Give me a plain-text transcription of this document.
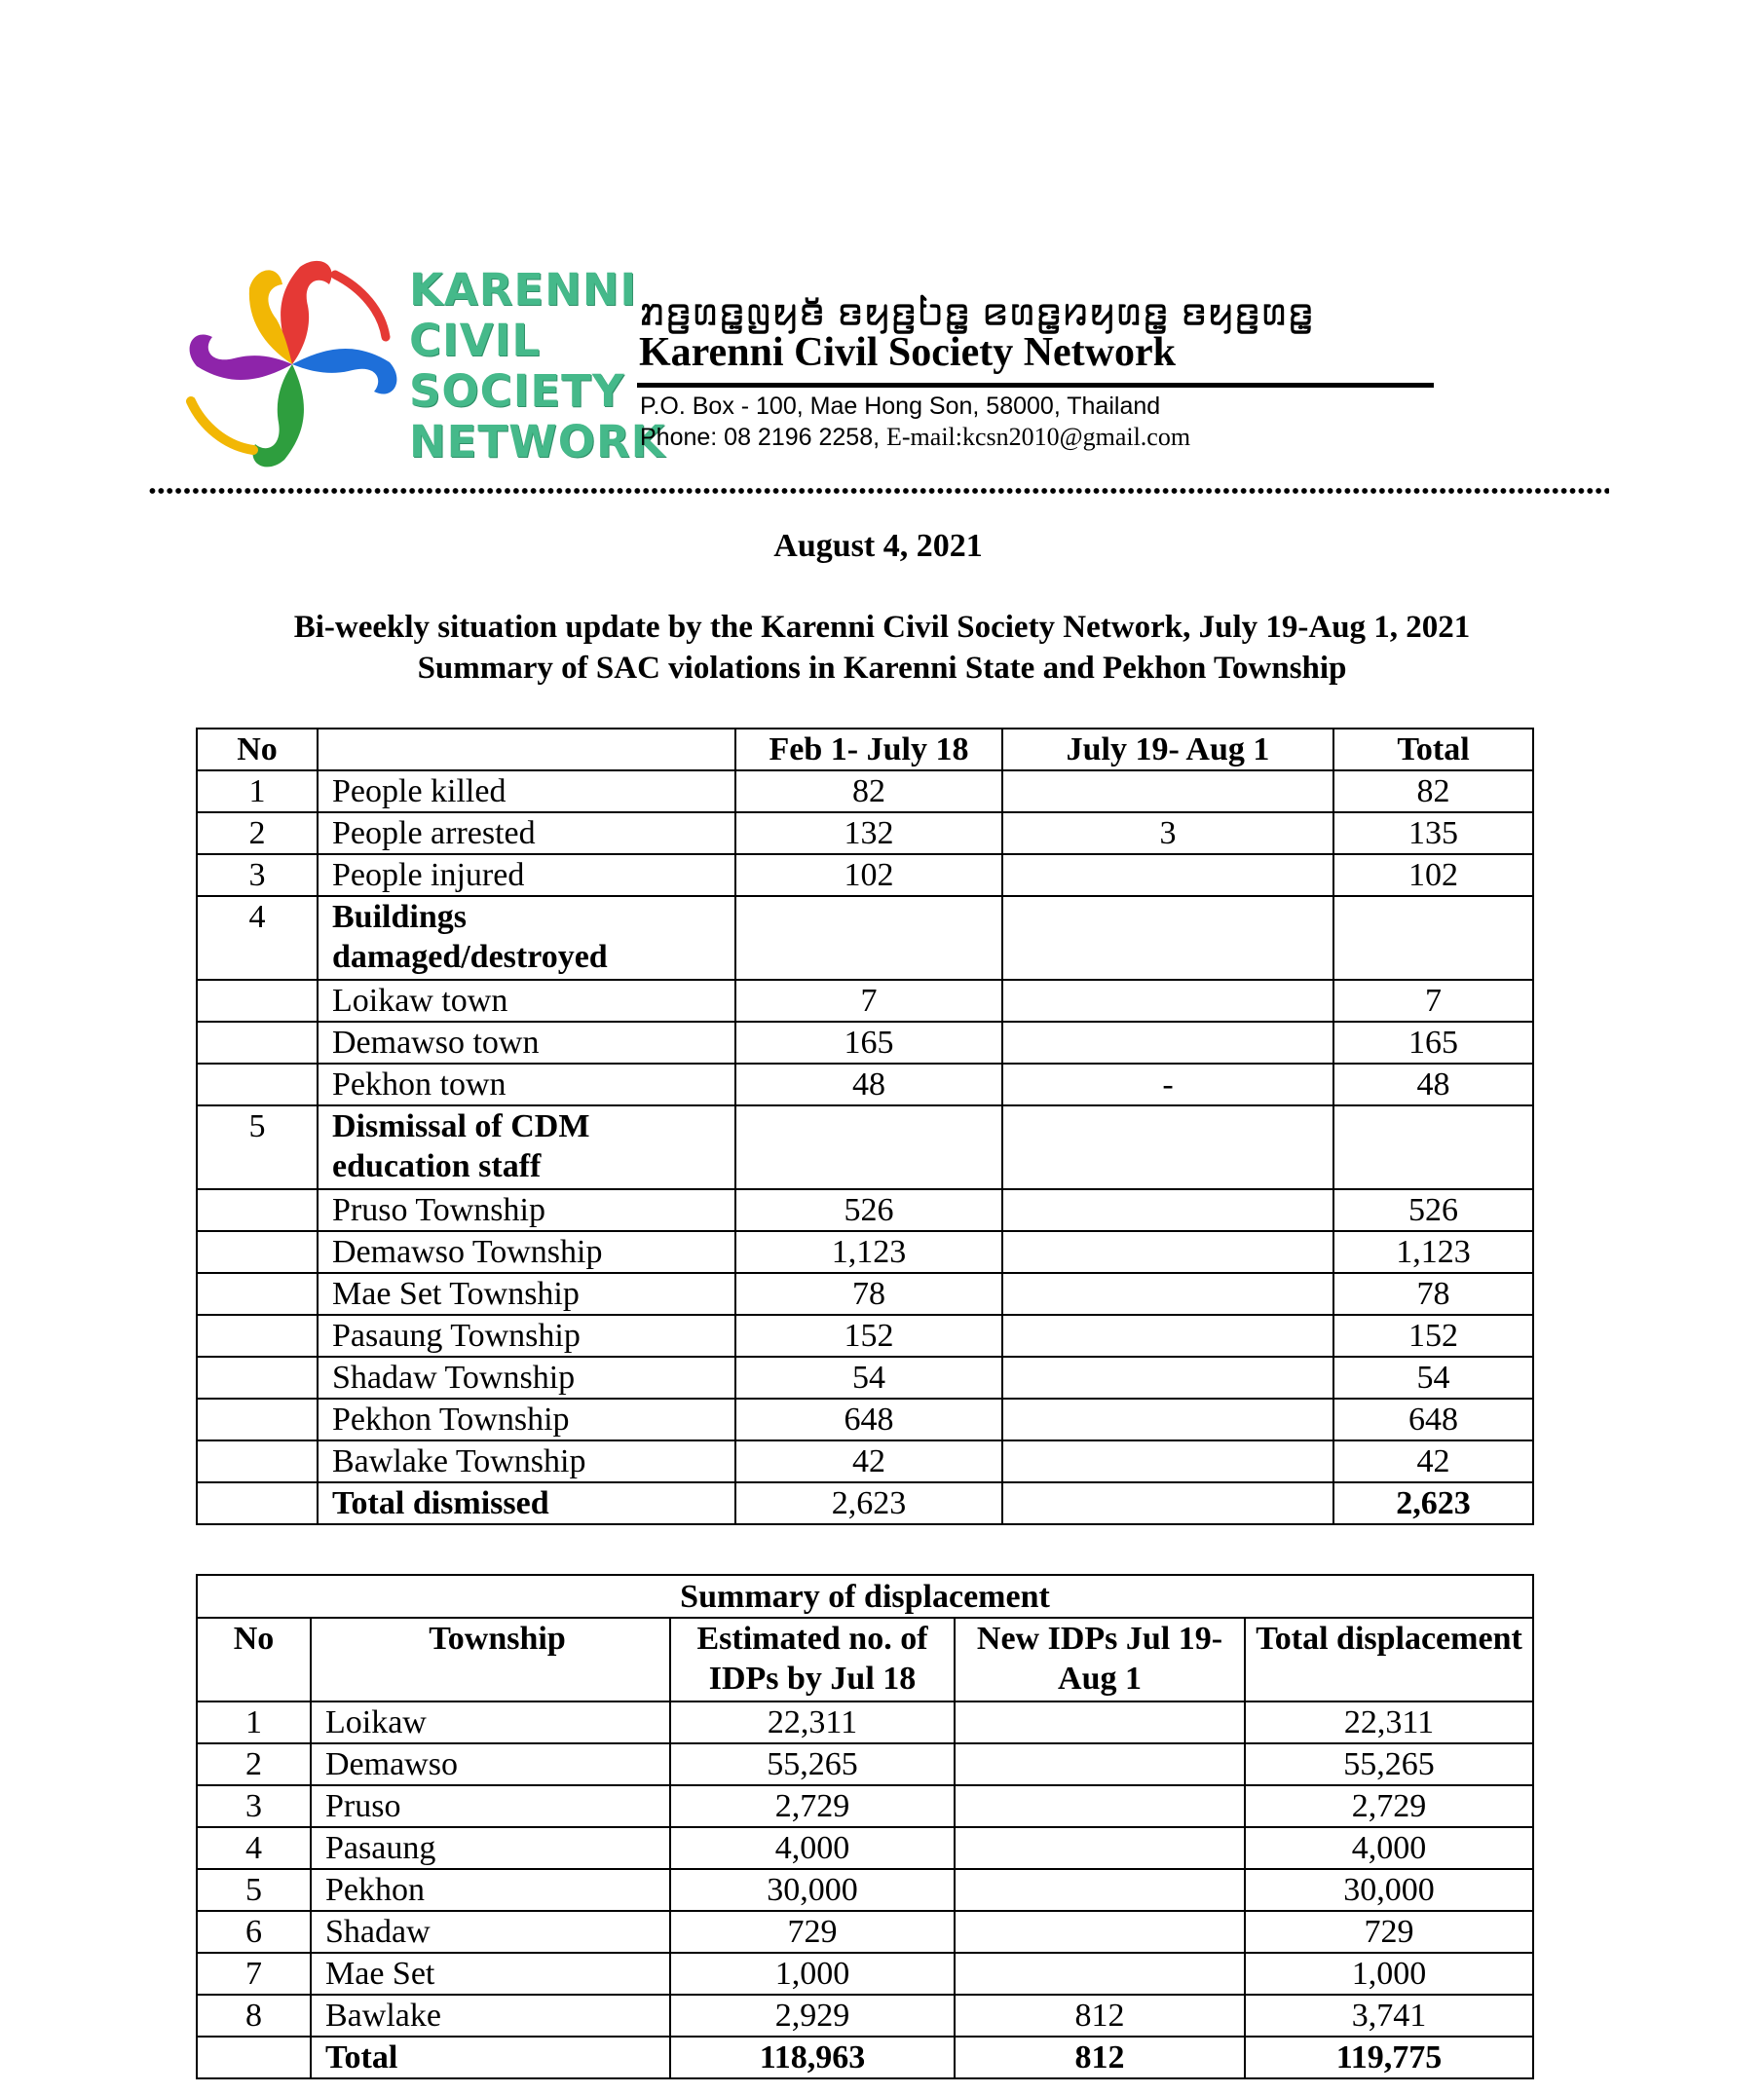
KARENNI
CIVIL
SOCIETY
NETWORK
ꤊꤢ꤬ꤛꤢ꤭ꤜꤟꤢꤩ ꤢꤟꤢ꤬ꤝꤢ꤭ ꤕꤛꤢ꤭ꤙꤟꤛꤢ꤭ ꤢꤟꤢ꤬ꤛꤢ꤭
Karenni Civil Society Network
P.O. Box - 100, Mae Hong Son, 58000, Thailand
Phone: 08 2196 2258, E-mail:kcsn2010@gmail.com
August 4, 2021
Bi-weekly situation update by the Karenni Civil Society Network, July 19-Aug 1, 2021
Summary of SAC violations in Karenni State and Pekhon Township
No		Feb 1- July 18	July 19- Aug 1	Total
1	People killed	82		82
2	People arrested	132	3	135
3	People injured	102		102
4	Buildings damaged/destroyed			
	Loikaw town	7		7
	Demawso town	165		165
	Pekhon town	48	-	48
5	Dismissal of CDM education staff			
	Pruso Township	526		526
	Demawso Township	1,123		1,123
	Mae Set Township	78		78
	Pasaung Township	152		152
	Shadaw Township	54		54
	Pekhon Township	648		648
	Bawlake Township	42		42
	Total dismissed	2,623		2,623
Summary of displacement				
No	Township	Estimated no. of IDPs by Jul 18	New IDPs Jul 19-Aug 1	Total displacement
1	Loikaw	22,311		22,311
2	Demawso	55,265		55,265
3	Pruso	2,729		2,729
4	Pasaung	4,000		4,000
5	Pekhon	30,000		30,000
6	Shadaw	729		729
7	Mae Set	1,000		1,000
8	Bawlake	2,929	812	3,741
	Total	118,963	812	119,775
